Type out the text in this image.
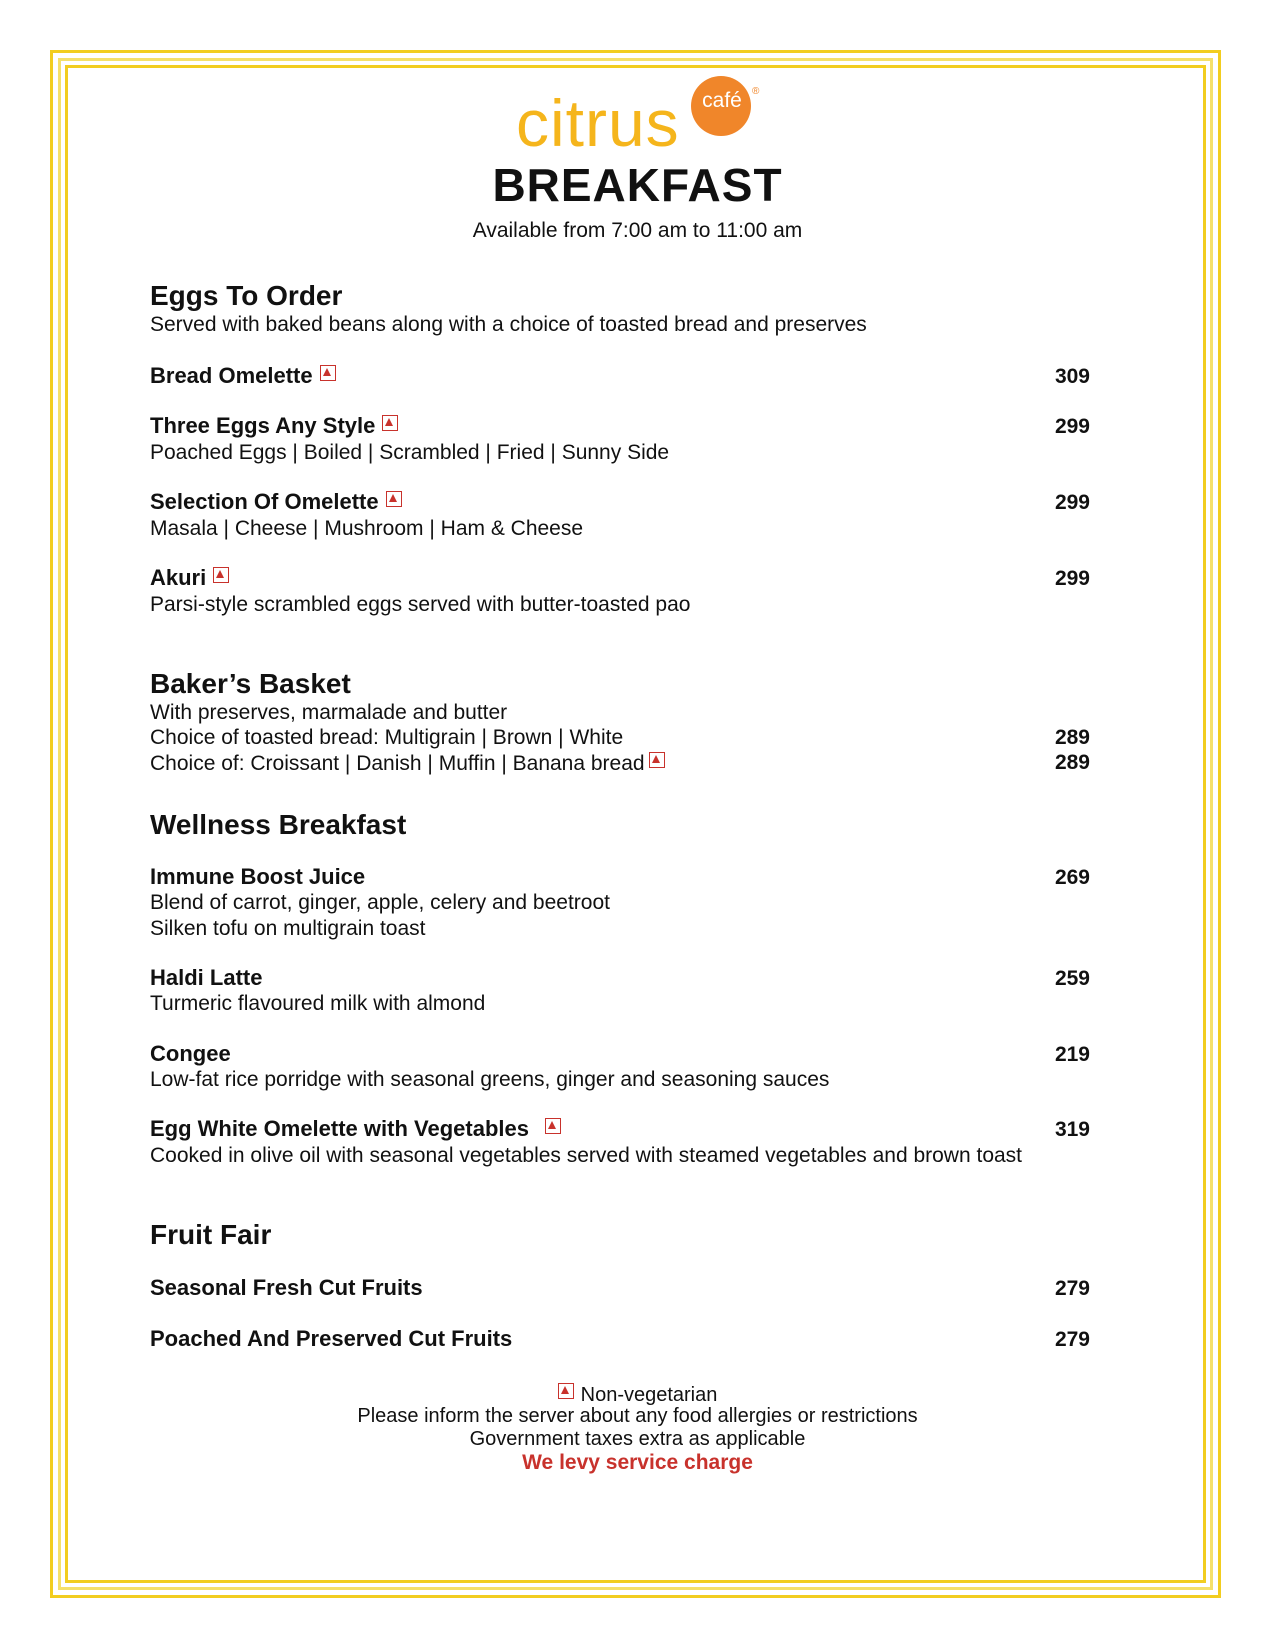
citrus	café	®
BREAKFAST
Available from 7:00 am to 11:00 am
Eggs To Order
Served with baked beans along with a choice of toasted bread and preserves
Bread Omelette	309
Three Eggs Any Style	299
Poached Eggs | Boiled | Scrambled | Fried | Sunny Side
Selection Of Omelette	299
Masala | Cheese | Mushroom | Ham & Cheese
Akuri	299
Parsi-style scrambled eggs served with butter-toasted pao
Baker’s Basket
With preserves, marmalade and butter
Choice of toasted bread: Multigrain | Brown | White	289
Choice of: Croissant | Danish | Muffin | Banana bread	289
Wellness Breakfast
Immune Boost Juice	269
Blend of carrot, ginger, apple, celery and beetroot
Silken tofu on multigrain toast
Haldi Latte	259
Turmeric flavoured milk with almond
Congee	219
Low-fat rice porridge with seasonal greens, ginger and seasoning sauces
Egg White Omelette with Vegetables	319
Cooked in olive oil with seasonal vegetables served with steamed vegetables and brown toast
Fruit Fair
Seasonal Fresh Cut Fruits	279
Poached And Preserved Cut Fruits	279
Non-vegetarian
Please inform the server about any food allergies or restrictions
Government taxes extra as applicable
We levy service charge
